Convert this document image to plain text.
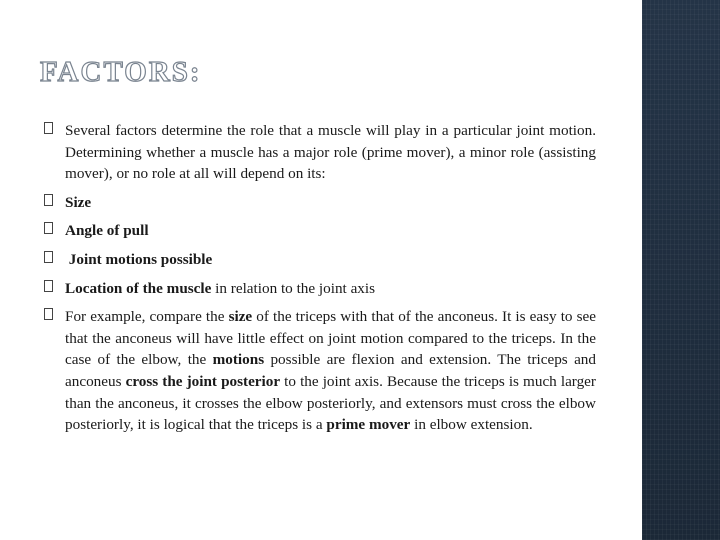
FACTORS:
Several factors determine the role that a muscle will play in a particular joint motion. Determining whether a muscle has a major role (prime mover), a minor role (assisting mover), or no role at all will depend on its:
Size
Angle of pull
Joint motions possible
Location of the muscle in relation to the joint axis
For example, compare the size of the triceps with that of the anconeus. It is easy to see that the anconeus will have little effect on joint motion compared to the triceps. In the case of the elbow, the motions possible are flexion and extension. The triceps and anconeus cross the joint posterior to the joint axis. Because the triceps is much larger than the anconeus, it crosses the elbow posteriorly, and extensors must cross the elbow posteriorly, it is logical that the triceps is a prime mover in elbow extension.
